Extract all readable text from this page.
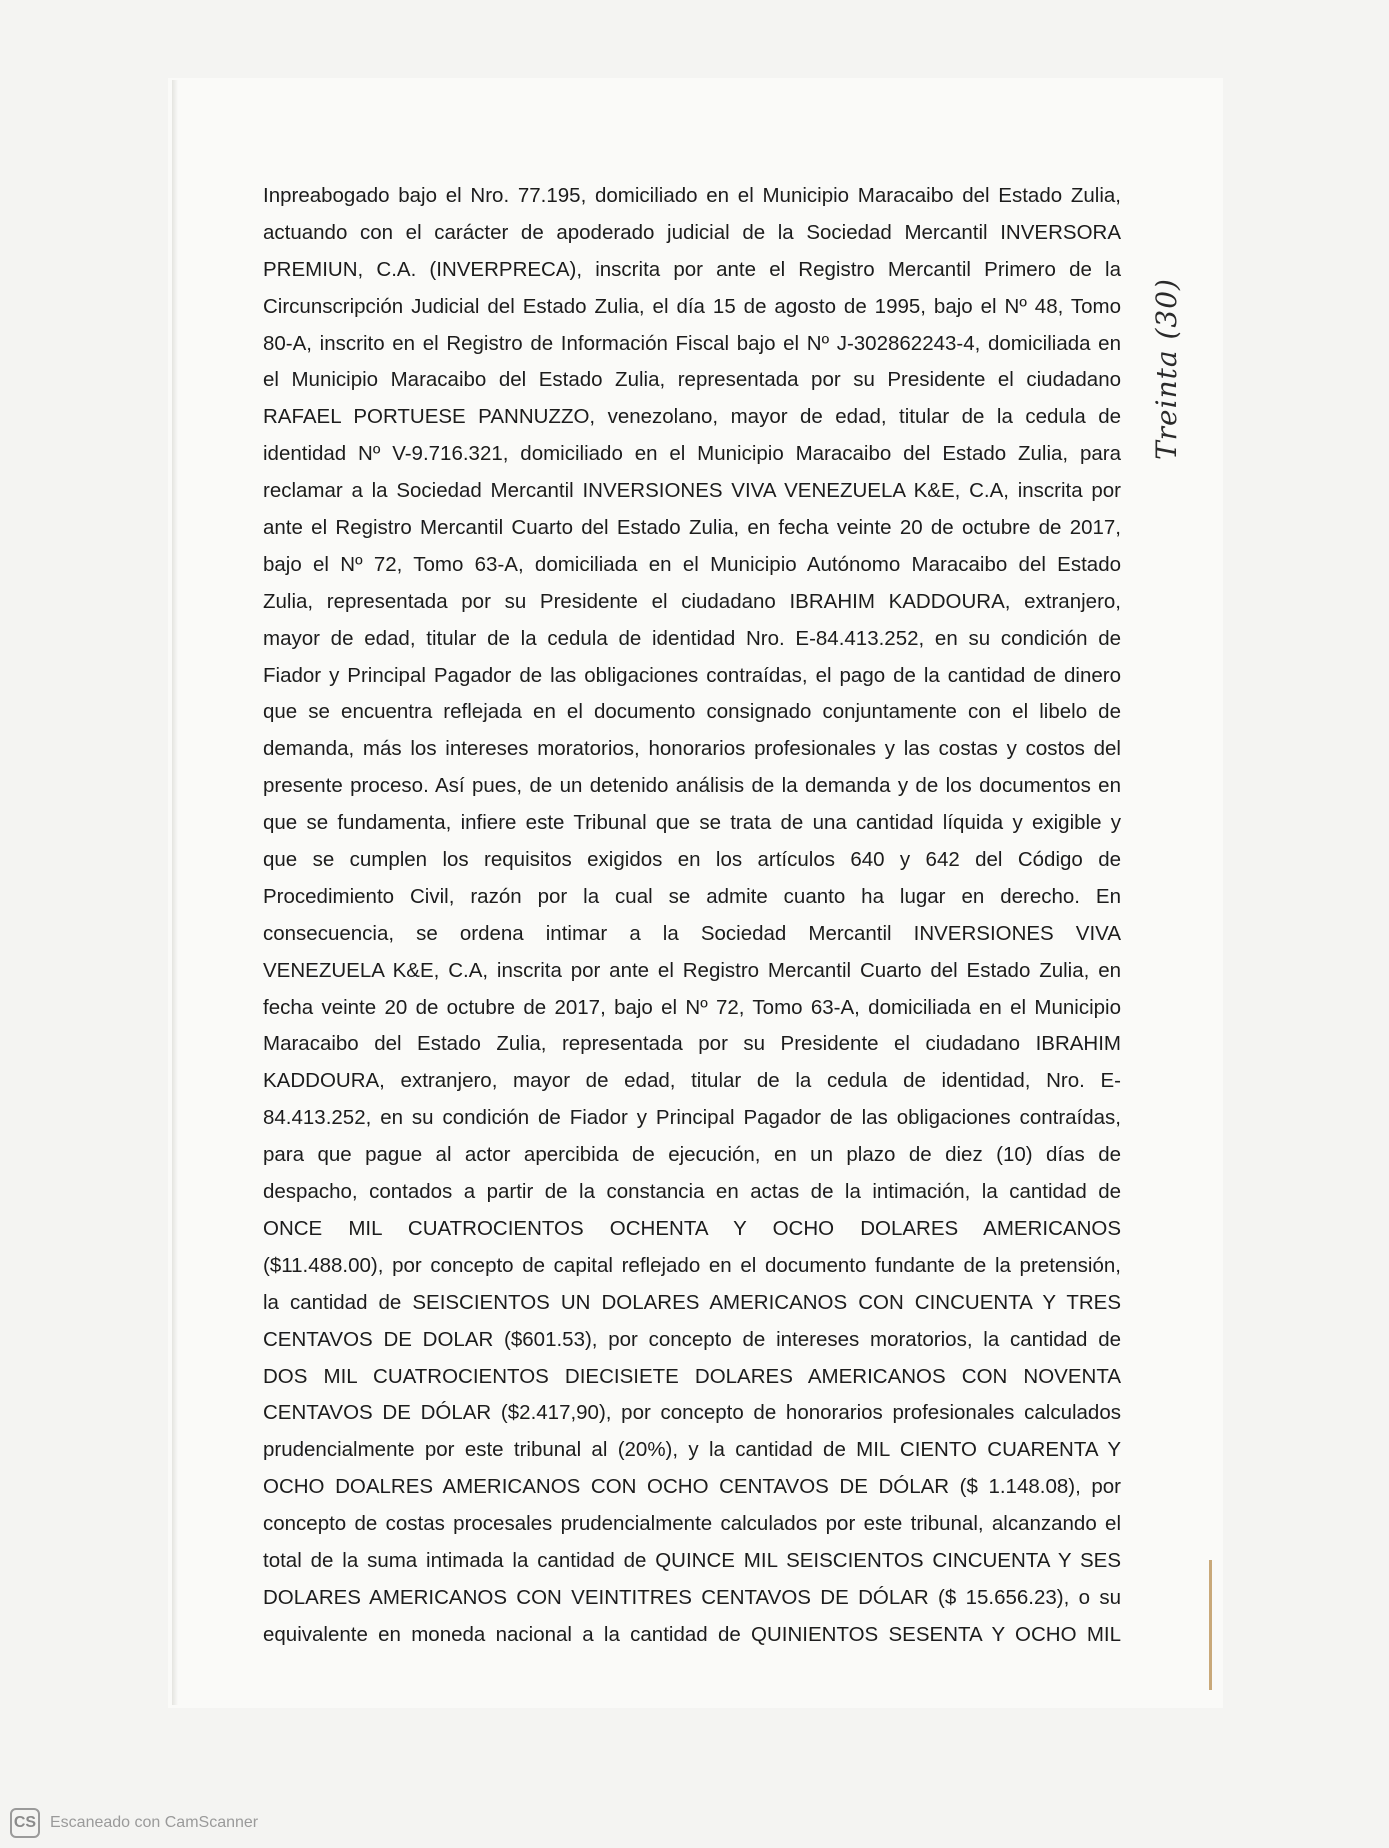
Inpreabogado bajo el Nro. 77.195, domiciliado en el Municipio Maracaibo del Estado Zulia,
actuando con el carácter de apoderado judicial de la Sociedad Mercantil INVERSORA
PREMIUN, C.A. (INVERPRECA), inscrita por ante el Registro Mercantil Primero de la
Circunscripción Judicial del Estado Zulia, el día 15 de agosto de 1995, bajo el Nº 48, Tomo
80-A, inscrito en el Registro de Información Fiscal bajo el Nº J-302862243-4, domiciliada en
el Municipio Maracaibo del Estado Zulia, representada por su Presidente el ciudadano
RAFAEL PORTUESE PANNUZZO, venezolano, mayor de edad, titular de la cedula de
identidad Nº V-9.716.321, domiciliado en el Municipio Maracaibo del Estado Zulia, para
reclamar a la Sociedad Mercantil INVERSIONES VIVA VENEZUELA K&E, C.A, inscrita por
ante el Registro Mercantil Cuarto del Estado Zulia, en fecha veinte 20 de octubre de 2017,
bajo el Nº 72, Tomo 63-A, domiciliada en el Municipio Autónomo Maracaibo del Estado
Zulia, representada por su Presidente el ciudadano IBRAHIM KADDOURA, extranjero,
mayor de edad, titular de la cedula de identidad Nro. E-84.413.252, en su condición de
Fiador y Principal Pagador de las obligaciones contraídas, el pago de la cantidad de dinero
que se encuentra reflejada en el documento consignado conjuntamente con el libelo de
demanda, más los intereses moratorios, honorarios profesionales y las costas y costos del
presente proceso. Así pues, de un detenido análisis de la demanda y de los documentos en
que se fundamenta, infiere este Tribunal que se trata de una cantidad líquida y exigible y
que se cumplen los requisitos exigidos en los artículos 640 y 642 del Código de
Procedimiento Civil, razón por la cual se admite cuanto ha lugar en derecho. En
consecuencia, se ordena intimar a la Sociedad Mercantil INVERSIONES VIVA
VENEZUELA K&E, C.A, inscrita por ante el Registro Mercantil Cuarto del Estado Zulia, en
fecha veinte 20 de octubre de 2017, bajo el Nº 72, Tomo 63-A, domiciliada en el Municipio
Maracaibo del Estado Zulia, representada por su Presidente el ciudadano IBRAHIM
KADDOURA, extranjero, mayor de edad, titular de la cedula de identidad, Nro. E-
84.413.252, en su condición de Fiador y Principal Pagador de las obligaciones contraídas,
para que pague al actor apercibida de ejecución, en un plazo de diez (10) días de
despacho, contados a partir de la constancia en actas de la intimación, la cantidad de
ONCE MIL CUATROCIENTOS OCHENTA Y OCHO DOLARES AMERICANOS
($11.488.00), por concepto de capital reflejado en el documento fundante de la pretensión,
la cantidad de SEISCIENTOS UN DOLARES AMERICANOS CON CINCUENTA Y TRES
CENTAVOS DE DOLAR ($601.53), por concepto de intereses moratorios, la cantidad de
DOS MIL CUATROCIENTOS DIECISIETE DOLARES AMERICANOS CON NOVENTA
CENTAVOS DE DÓLAR ($2.417,90), por concepto de honorarios profesionales calculados
prudencialmente por este tribunal al (20%), y la cantidad de MIL CIENTO CUARENTA Y
OCHO DOALRES AMERICANOS CON OCHO CENTAVOS DE DÓLAR ($ 1.148.08), por
concepto de costas procesales prudencialmente calculados por este tribunal, alcanzando el
total de la suma intimada la cantidad de QUINCE MIL SEISCIENTOS CINCUENTA Y SES
DOLARES AMERICANOS CON VEINTITRES CENTAVOS DE DÓLAR ($ 15.656.23), o su
equivalente en moneda nacional a la cantidad de QUINIENTOS SESENTA Y OCHO MIL
Treinta (30)
CS Escaneado con CamScanner
